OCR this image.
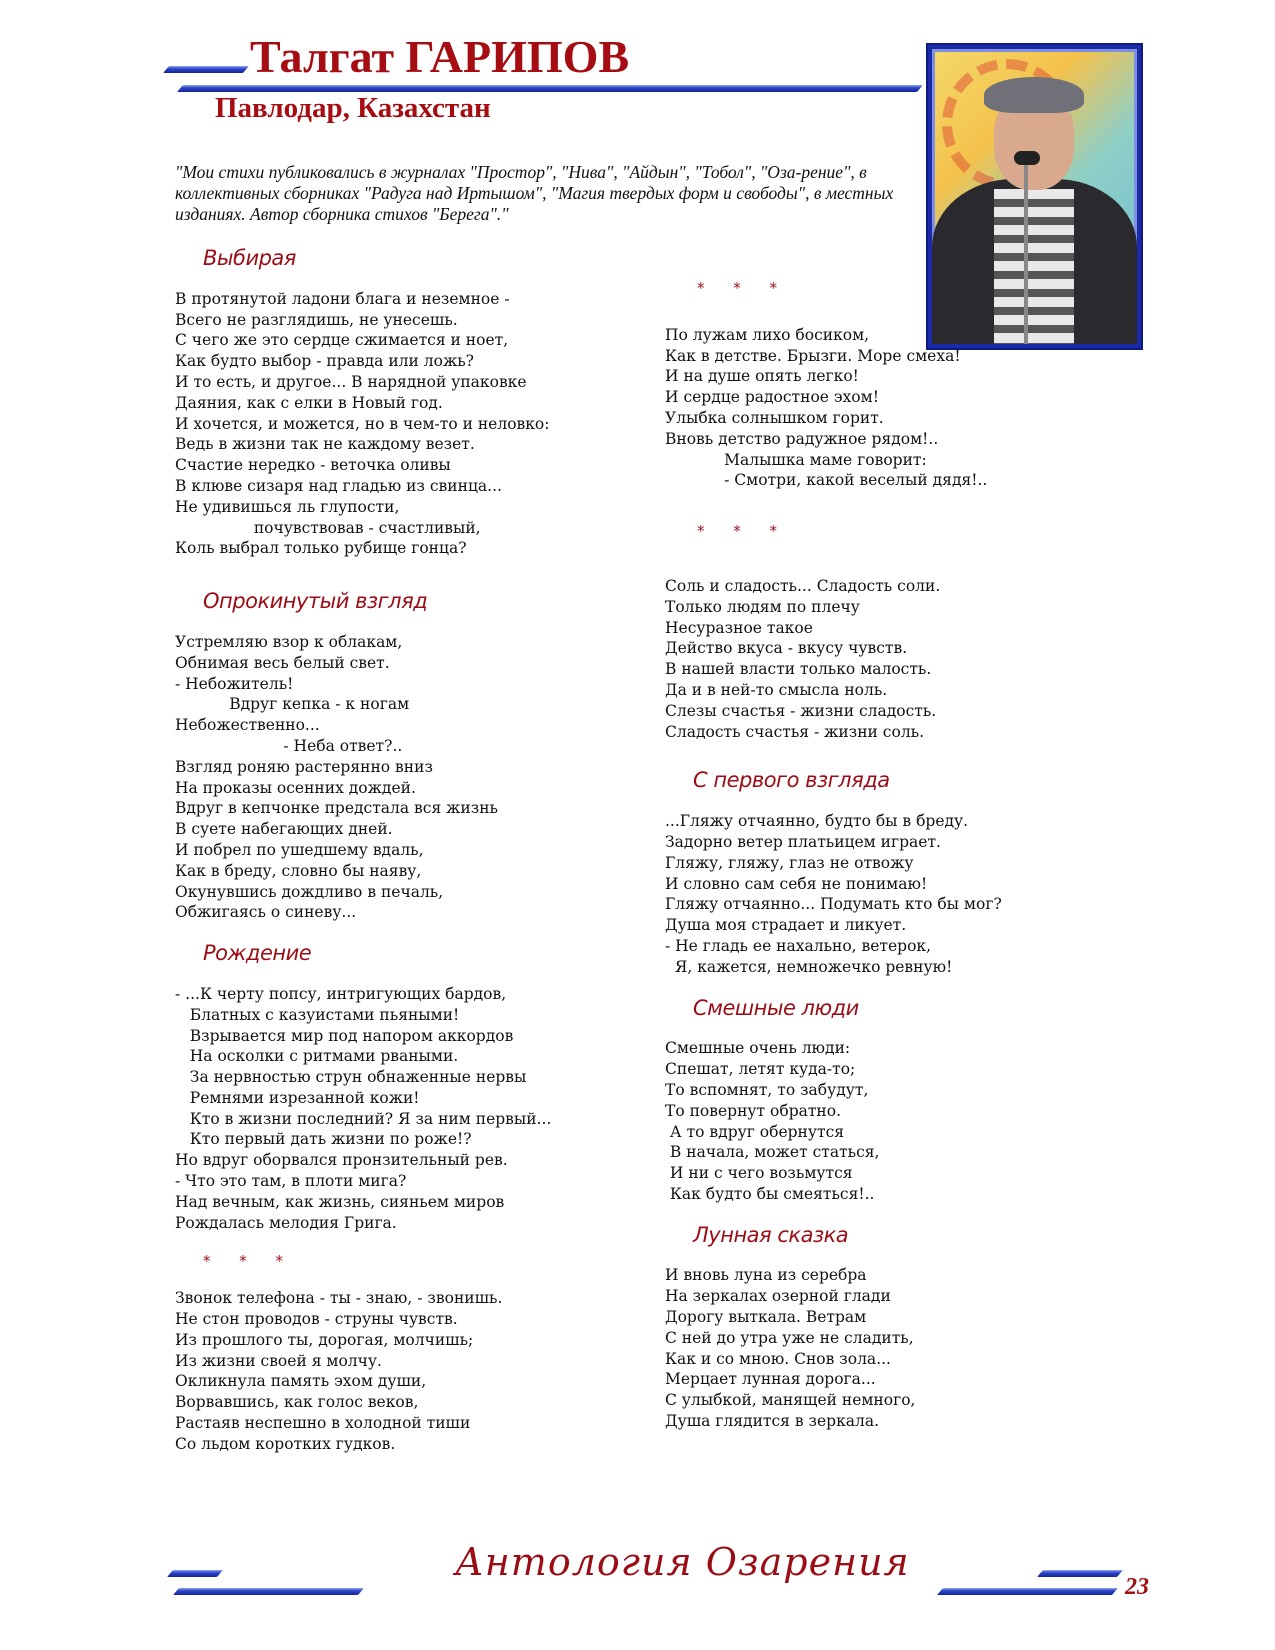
Талгат ГАРИПОВ
Павлодар, Казахстан
"Мои стихи публиковались в журналах "Простор", "Нива", "Айдын", "Тобол", "Оза-рение", в коллективных сборниках "Радуга над Иртышом", "Магия твердых форм и свободы", в местных изданиях. Автор сборника стихов "Берега"."
Выбирая
В протянутой ладони блага и неземное -
Всего не разглядишь, не унесешь.
С чего же это сердце сжимается и ноет,
Как будто выбор - правда или ложь?
И то есть, и другое... В нарядной упаковке
Даяния, как с елки в Новый год.
И хочется, и можется, но в чем-то и неловко:
Ведь в жизни так не каждому везет.
Счастие нередко - веточка оливы
В клюве сизаря над гладью из свинца...
Не удивишься ль глупости,
почувствовав - счастливый,
Коль выбрал только рубище гонца?
Опрокинутый взгляд
Устремляю взор к облакам,
Обнимая весь белый свет.
- Небожитель!
Вдруг кепка - к ногам
Небожественно...
- Неба ответ?..
Взгляд роняю растерянно вниз
На проказы осенних дождей.
Вдруг в кепчонке предстала вся жизнь
В суете набегающих дней.
И побрел по ушедшему вдаль,
Как в бреду, словно бы наяву,
Окунувшись дождливо в печаль,
Обжигаясь о синеву...
Рождение
- ...К черту попсу, интригующих бардов,
Блатных с казуистами пьяными!
Взрывается мир под напором аккордов
На осколки с ритмами рваными.
За нервностью струн обнаженные нервы
Ремнями изрезанной кожи!
Кто в жизни последний? Я за ним первый...
Кто первый дать жизни по роже!?
Но вдруг оборвался пронзительный рев.
- Что это там, в плоти мига?
Над вечным, как жизнь, сияньем миров
Рождалась мелодия Грига.
* * *
Звонок телефона - ты - знаю, - звонишь.
Не стон проводов - струны чувств.
Из прошлого ты, дорогая, молчишь;
Из жизни своей я молчу.
Окликнула память эхом души,
Ворвавшись, как голос веков,
Растаяв неспешно в холодной тиши
Со льдом коротких гудков.
* * *
По лужам лихо босиком,
Как в детстве. Брызги. Море смеха!
И на душе опять легко!
И сердце радостное эхом!
Улыбка солнышком горит.
Вновь детство радужное рядом!..
Малышка маме говорит:
- Смотри, какой веселый дядя!..
* * *
Соль и сладость... Сладость соли.
Только людям по плечу
Несуразное такое
Действо вкуса - вкусу чувств.
В нашей власти только малость.
Да и в ней-то смысла ноль.
Слезы счастья - жизни сладость.
Сладость счастья - жизни соль.
С первого взгляда
...Гляжу отчаянно, будто бы в бреду.
Задорно ветер платьицем играет.
Гляжу, гляжу, глаз не отвожу
И словно сам себя не понимаю!
Гляжу отчаянно... Подумать кто бы мог?
Душа моя страдает и ликует.
- Не гладь ее нахально, ветерок,
Я, кажется, немножечко ревную!
Смешные люди
Смешные очень люди:
Спешат, летят куда-то;
То вспомнят, то забудут,
То повернут обратно.
А то вдруг обернутся
В начала, может статься,
И ни с чего возьмутся
Как будто бы смеяться!..
Лунная сказка
И вновь луна из серебра
На зеркалах озерной глади
Дорогу выткала. Ветрам
С ней до утра уже не сладить,
Как и со мною. Снов зола...
Мерцает лунная дорога...
С улыбкой, манящей немного,
Душа глядится в зеркала.
Антология Озарения
23
